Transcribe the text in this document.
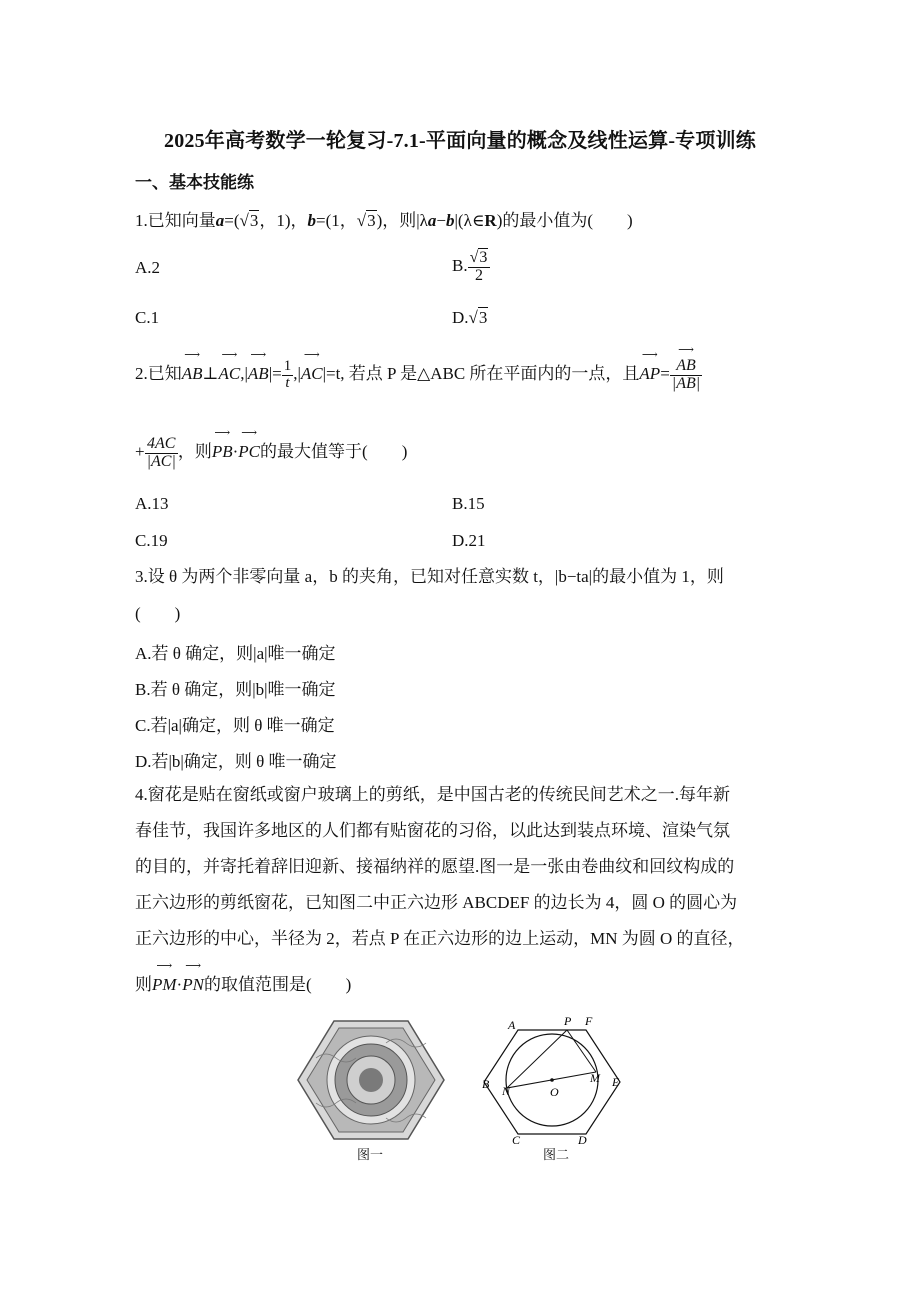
2025年高考数学一轮复习-7.1-平面向量的概念及线性运算-专项训练
一、基本技能练
1.已知向量a=(√3，1)，b=(1，√3)，则|λa−b|(λ∈R)的最小值为(　　)
A.2	B. $\frac{√3}{2}$
C.1	D.√3
2.已知⟶ AB⊥⟶ AC,|⟶ $AB|= \frac{1}{t}$ ,|⟶ AC|=t, 若点 P 是△ABC 所在平面内的一点，且⟶ AP=
⟶ $\frac{AB}{|AB|}$
+ $\frac{4AC}{|AC|}$ ，则⟶ PB·⟶ PC的最大值等于(　　)
A.13	B.15
C.19	D.21
3.设 θ 为两个非零向量 a，b 的夹角，已知对任意实数 t，|b−ta|的最小值为 1，则
(　　)
A.若 θ 确定，则|a|唯一确定
B.若 θ 确定，则|b|唯一确定
C.若|a|确定，则 θ 唯一确定
D.若|b|确定，则 θ 唯一确定
4.窗花是贴在窗纸或窗户玻璃上的剪纸，是中国古老的传统民间艺术之一.每年新
春佳节，我国许多地区的人们都有贴窗花的习俗，以此达到装点环境、渲染气氛
的目的，并寄托着辞旧迎新、接福纳祥的愿望.图一是一张由卷曲纹和回纹构成的
正六边形的剪纸窗花，已知图二中正六边形 ABCDEF 的边长为 4，圆 O 的圆心为
正六边形的中心，半径为 2，若点 P 在正六边形的边上运动，MN 为圆 O 的直径，
则⟶ PM·⟶ PN的取值范围是(　　)
图一
A	P F
B N	O
M E
C	D
图二
